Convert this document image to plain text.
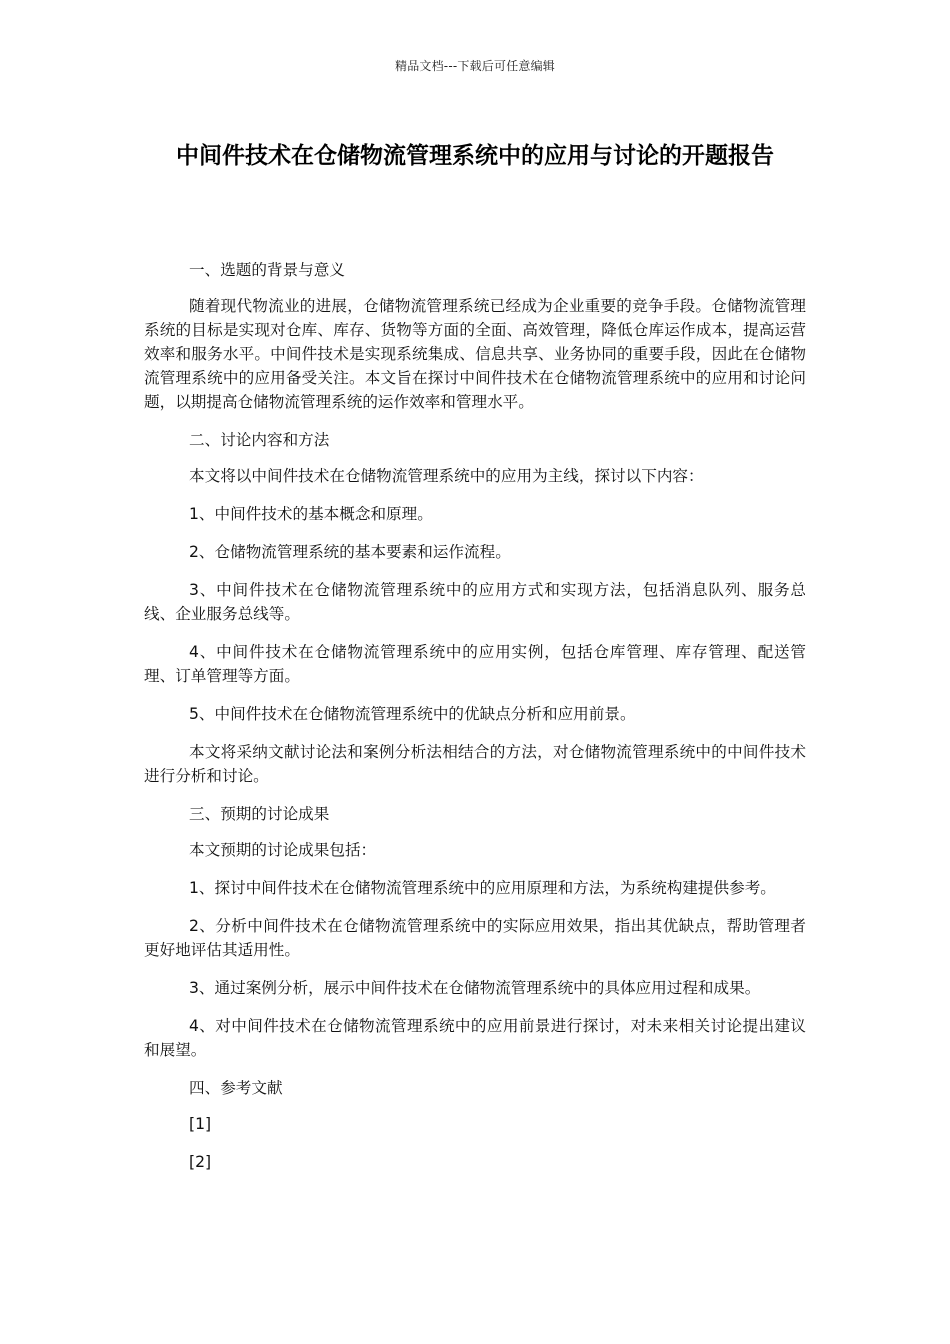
精品文档---下载后可任意编辑
中间件技术在仓储物流管理系统中的应用与讨论的开题报告

一、选题的背景与意义

随着现代物流业的进展，仓储物流管理系统已经成为企业重要的竞争手段。仓储物流管理系统的目标是实现对仓库、库存、货物等方面的全面、高效管理，降低仓库运作成本，提高运营效率和服务水平。中间件技术是实现系统集成、信息共享、业务协同的重要手段，因此在仓储物流管理系统中的应用备受关注。本文旨在探讨中间件技术在仓储物流管理系统中的应用和讨论问题，以期提高仓储物流管理系统的运作效率和管理水平。

二、讨论内容和方法

本文将以中间件技术在仓储物流管理系统中的应用为主线，探讨以下内容：

1、中间件技术的基本概念和原理。

2、仓储物流管理系统的基本要素和运作流程。

3、中间件技术在仓储物流管理系统中的应用方式和实现方法，包括消息队列、服务总线、企业服务总线等。

4、中间件技术在仓储物流管理系统中的应用实例，包括仓库管理、库存管理、配送管理、订单管理等方面。

5、中间件技术在仓储物流管理系统中的优缺点分析和应用前景。

本文将采纳文献讨论法和案例分析法相结合的方法，对仓储物流管理系统中的中间件技术进行分析和讨论。

三、预期的讨论成果

本文预期的讨论成果包括：

1、探讨中间件技术在仓储物流管理系统中的应用原理和方法，为系统构建提供参考。

2、分析中间件技术在仓储物流管理系统中的实际应用效果，指出其优缺点，帮助管理者更好地评估其适用性。

3、通过案例分析，展示中间件技术在仓储物流管理系统中的具体应用过程和成果。

4、对中间件技术在仓储物流管理系统中的应用前景进行探讨，对未来相关讨论提出建议和展望。

四、参考文献

[1]

[2]
